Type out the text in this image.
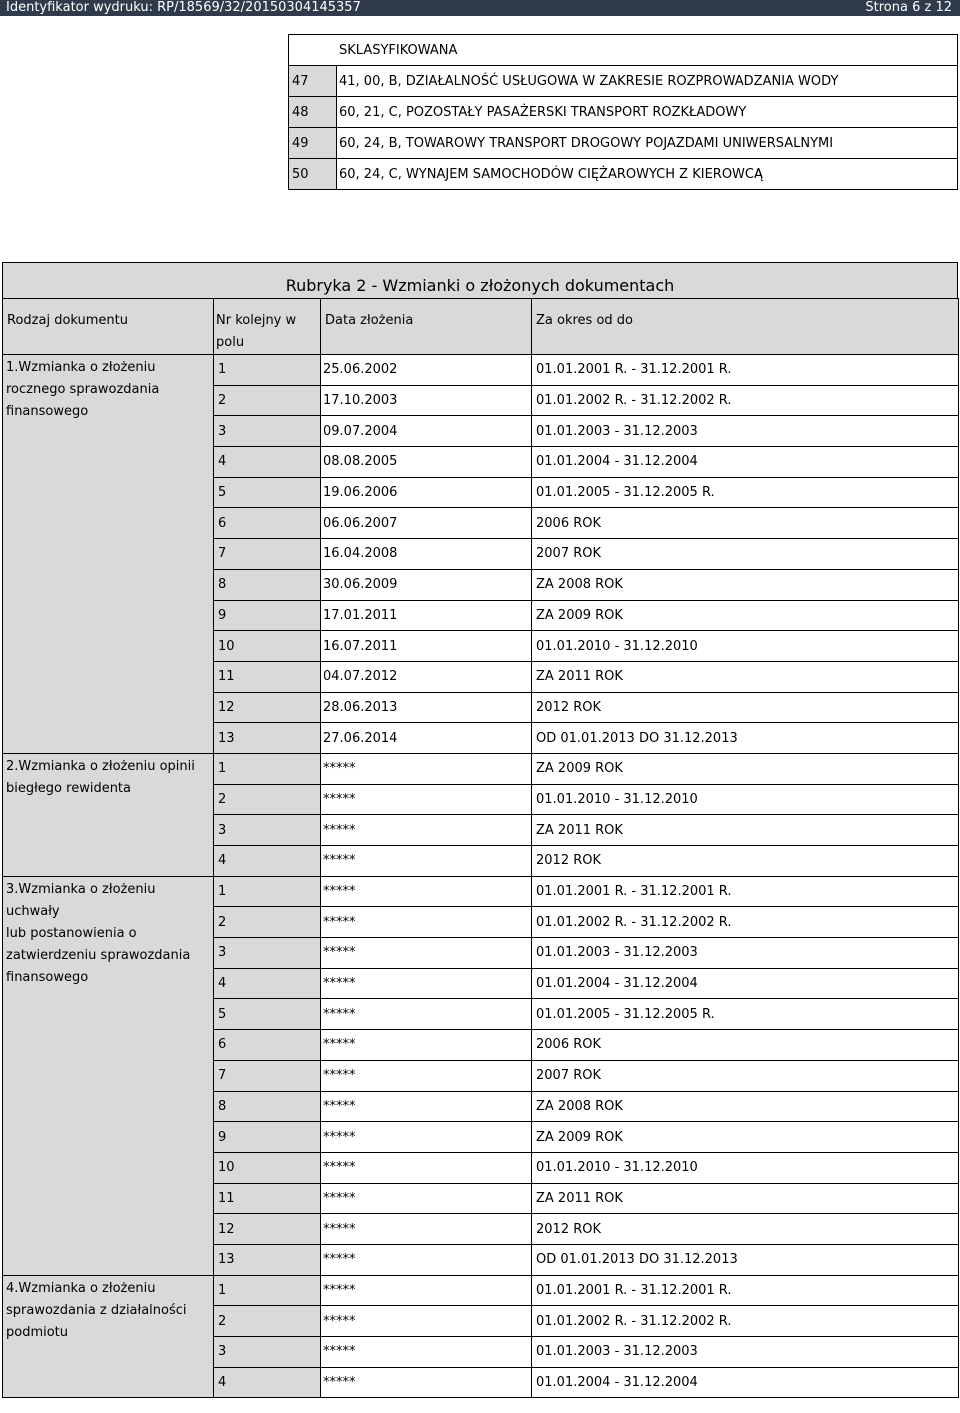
Identyfikator wydruku: RP/18569/32/20150304145357	Strona 6 z 12
SKLASYFIKOWANA	
47	41, 00, B, DZIAŁALNOŚĆ USŁUGOWA W ZAKRESIE ROZPROWADZANIA WODY
48	60, 21, C, POZOSTAŁY PASAŻERSKI TRANSPORT ROZKŁADOWY
49	60, 24, B, TOWAROWY TRANSPORT DROGOWY POJAZDAMI UNIWERSALNYMI
50	60, 24, C, WYNAJEM SAMOCHODÓW CIĘŻAROWYCH Z KIEROWCĄ
Rubryka 2 - Wzmianki o złożonych dokumentach
Rodzaj dokumentu	Nr kolejny w
polu	Data złożenia	Za okres od do
1.Wzmianka o złożeniu
rocznego sprawozdania
finansowego	1	25.06.2002	01.01.2001 R. - 31.12.2001 R.
	2	17.10.2003	01.01.2002 R. - 31.12.2002 R.
	3	09.07.2004	01.01.2003 - 31.12.2003
	4	08.08.2005	01.01.2004 - 31.12.2004
	5	19.06.2006	01.01.2005 - 31.12.2005 R.
	6	06.06.2007	2006 ROK
	7	16.04.2008	2007 ROK
	8	30.06.2009	ZA 2008 ROK
	9	17.01.2011	ZA 2009 ROK
	10	16.07.2011	01.01.2010 - 31.12.2010
	11	04.07.2012	ZA 2011 ROK
	12	28.06.2013	2012 ROK
	13	27.06.2014	OD 01.01.2013 DO 31.12.2013
2.Wzmianka o złożeniu opinii
biegłego rewidenta	1	*****	ZA 2009 ROK
	2	*****	01.01.2010 - 31.12.2010
	3	*****	ZA 2011 ROK
	4	*****	2012 ROK
3.Wzmianka o złożeniu uchwały
lub postanowienia o
zatwierdzeniu sprawozdania
finansowego	1	*****	01.01.2001 R. - 31.12.2001 R.
	2	*****	01.01.2002 R. - 31.12.2002 R.
	3	*****	01.01.2003 - 31.12.2003
	4	*****	01.01.2004 - 31.12.2004
	5	*****	01.01.2005 - 31.12.2005 R.
	6	*****	2006 ROK
	7	*****	2007 ROK
	8	*****	ZA 2008 ROK
	9	*****	ZA 2009 ROK
	10	*****	01.01.2010 - 31.12.2010
	11	*****	ZA 2011 ROK
	12	*****	2012 ROK
	13	*****	OD 01.01.2013 DO 31.12.2013
4.Wzmianka o złożeniu
sprawozdania z działalności
podmiotu	1	*****	01.01.2001 R. - 31.12.2001 R.
	2	*****	01.01.2002 R. - 31.12.2002 R.
	3	*****	01.01.2003 - 31.12.2003
	4	*****	01.01.2004 - 31.12.2004
